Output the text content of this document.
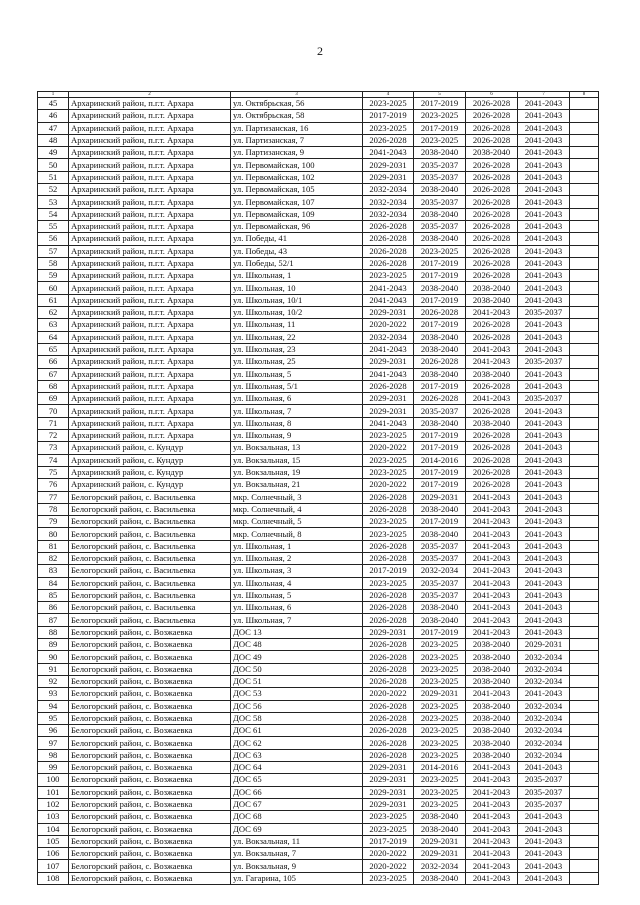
2
1	2	3	4	5	6	7	8
45	Архаринский район, п.г.т. Архара	ул. Октябрьская, 56	2023-2025	2017-2019	2026-2028	2041-2043	
46	Архаринский район, п.г.т. Архара	ул. Октябрьская, 58	2017-2019	2023-2025	2026-2028	2041-2043	
47	Архаринский район, п.г.т. Архара	ул. Партизанская, 16	2023-2025	2017-2019	2026-2028	2041-2043	
48	Архаринский район, п.г.т. Архара	ул. Партизанская, 7	2026-2028	2023-2025	2026-2028	2041-2043	
49	Архаринский район, п.г.т. Архара	ул. Партизанская, 9	2041-2043	2038-2040	2038-2040	2041-2043	
50	Архаринский район, п.г.т. Архара	ул. Первомайская, 100	2029-2031	2035-2037	2026-2028	2041-2043	
51	Архаринский район, п.г.т. Архара	ул. Первомайская, 102	2029-2031	2035-2037	2026-2028	2041-2043	
52	Архаринский район, п.г.т. Архара	ул. Первомайская, 105	2032-2034	2038-2040	2026-2028	2041-2043	
53	Архаринский район, п.г.т. Архара	ул. Первомайская, 107	2032-2034	2035-2037	2026-2028	2041-2043	
54	Архаринский район, п.г.т. Архара	ул. Первомайская, 109	2032-2034	2038-2040	2026-2028	2041-2043	
55	Архаринский район, п.г.т. Архара	ул. Первомайская, 96	2026-2028	2035-2037	2026-2028	2041-2043	
56	Архаринский район, п.г.т. Архара	ул. Победы, 41	2026-2028	2038-2040	2026-2028	2041-2043	
57	Архаринский район, п.г.т. Архара	ул. Победы, 43	2026-2028	2023-2025	2026-2028	2041-2043	
58	Архаринский район, п.г.т. Архара	ул. Победы, 52/1	2026-2028	2017-2019	2026-2028	2041-2043	
59	Архаринский район, п.г.т. Архара	ул. Школьная, 1	2023-2025	2017-2019	2026-2028	2041-2043	
60	Архаринский район, п.г.т. Архара	ул. Школьная, 10	2041-2043	2038-2040	2038-2040	2041-2043	
61	Архаринский район, п.г.т. Архара	ул. Школьная, 10/1	2041-2043	2017-2019	2038-2040	2041-2043	
62	Архаринский район, п.г.т. Архара	ул. Школьная, 10/2	2029-2031	2026-2028	2041-2043	2035-2037	
63	Архаринский район, п.г.т. Архара	ул. Школьная, 11	2020-2022	2017-2019	2026-2028	2041-2043	
64	Архаринский район, п.г.т. Архара	ул. Школьная, 22	2032-2034	2038-2040	2026-2028	2041-2043	
65	Архаринский район, п.г.т. Архара	ул. Школьная, 23	2041-2043	2038-2040	2041-2043	2041-2043	
66	Архаринский район, п.г.т. Архара	ул. Школьная, 25	2029-2031	2026-2028	2041-2043	2035-2037	
67	Архаринский район, п.г.т. Архара	ул. Школьная, 5	2041-2043	2038-2040	2038-2040	2041-2043	
68	Архаринский район, п.г.т. Архара	ул. Школьная, 5/1	2026-2028	2017-2019	2026-2028	2041-2043	
69	Архаринский район, п.г.т. Архара	ул. Школьная, 6	2029-2031	2026-2028	2041-2043	2035-2037	
70	Архаринский район, п.г.т. Архара	ул. Школьная, 7	2029-2031	2035-2037	2026-2028	2041-2043	
71	Архаринский район, п.г.т. Архара	ул. Школьная, 8	2041-2043	2038-2040	2038-2040	2041-2043	
72	Архаринский район, п.г.т. Архара	ул. Школьная, 9	2023-2025	2017-2019	2026-2028	2041-2043	
73	Архаринский район, с. Кундур	ул. Вокзальная, 13	2020-2022	2017-2019	2026-2028	2041-2043	
74	Архаринский район, с. Кундур	ул. Вокзальная, 15	2023-2025	2014-2016	2026-2028	2041-2043	
75	Архаринский район, с. Кундур	ул. Вокзальная, 19	2023-2025	2017-2019	2026-2028	2041-2043	
76	Архаринский район, с. Кундур	ул. Вокзальная, 21	2020-2022	2017-2019	2026-2028	2041-2043	
77	Белогорский район, с. Васильевка	мкр. Солнечный, 3	2026-2028	2029-2031	2041-2043	2041-2043	
78	Белогорский район, с. Васильевка	мкр. Солнечный, 4	2026-2028	2038-2040	2041-2043	2041-2043	
79	Белогорский район, с. Васильевка	мкр. Солнечный, 5	2023-2025	2017-2019	2041-2043	2041-2043	
80	Белогорский район, с. Васильевка	мкр. Солнечный, 8	2023-2025	2038-2040	2041-2043	2041-2043	
81	Белогорский район, с. Васильевка	ул. Школьная, 1	2026-2028	2035-2037	2041-2043	2041-2043	
82	Белогорский район, с. Васильевка	ул. Школьная, 2	2026-2028	2035-2037	2041-2043	2041-2043	
83	Белогорский район, с. Васильевка	ул. Школьная, 3	2017-2019	2032-2034	2041-2043	2041-2043	
84	Белогорский район, с. Васильевка	ул. Школьная, 4	2023-2025	2035-2037	2041-2043	2041-2043	
85	Белогорский район, с. Васильевка	ул. Школьная, 5	2026-2028	2035-2037	2041-2043	2041-2043	
86	Белогорский район, с. Васильевка	ул. Школьная, 6	2026-2028	2038-2040	2041-2043	2041-2043	
87	Белогорский район, с. Васильевка	ул. Школьная, 7	2026-2028	2038-2040	2041-2043	2041-2043	
88	Белогорский район, с. Возжаевка	ДОС 13	2029-2031	2017-2019	2041-2043	2041-2043	
89	Белогорский район, с. Возжаевка	ДОС 48	2026-2028	2023-2025	2038-2040	2029-2031	
90	Белогорский район, с. Возжаевка	ДОС 49	2026-2028	2023-2025	2038-2040	2032-2034	
91	Белогорский район, с. Возжаевка	ДОС 50	2026-2028	2023-2025	2038-2040	2032-2034	
92	Белогорский район, с. Возжаевка	ДОС 51	2026-2028	2023-2025	2038-2040	2032-2034	
93	Белогорский район, с. Возжаевка	ДОС 53	2020-2022	2029-2031	2041-2043	2041-2043	
94	Белогорский район, с. Возжаевка	ДОС 56	2026-2028	2023-2025	2038-2040	2032-2034	
95	Белогорский район, с. Возжаевка	ДОС 58	2026-2028	2023-2025	2038-2040	2032-2034	
96	Белогорский район, с. Возжаевка	ДОС 61	2026-2028	2023-2025	2038-2040	2032-2034	
97	Белогорский район, с. Возжаевка	ДОС 62	2026-2028	2023-2025	2038-2040	2032-2034	
98	Белогорский район, с. Возжаевка	ДОС 63	2026-2028	2023-2025	2038-2040	2032-2034	
99	Белогорский район, с. Возжаевка	ДОС 64	2029-2031	2014-2016	2041-2043	2041-2043	
100	Белогорский район, с. Возжаевка	ДОС 65	2029-2031	2023-2025	2041-2043	2035-2037	
101	Белогорский район, с. Возжаевка	ДОС 66	2029-2031	2023-2025	2041-2043	2035-2037	
102	Белогорский район, с. Возжаевка	ДОС 67	2029-2031	2023-2025	2041-2043	2035-2037	
103	Белогорский район, с. Возжаевка	ДОС 68	2023-2025	2038-2040	2041-2043	2041-2043	
104	Белогорский район, с. Возжаевка	ДОС 69	2023-2025	2038-2040	2041-2043	2041-2043	
105	Белогорский район, с. Возжаевка	ул. Вокзальная, 11	2017-2019	2029-2031	2041-2043	2041-2043	
106	Белогорский район, с. Возжаевка	ул. Вокзальная, 7	2020-2022	2029-2031	2041-2043	2041-2043	
107	Белогорский район, с. Возжаевка	ул. Вокзальная, 9	2020-2022	2032-2034	2041-2043	2041-2043	
108	Белогорский район, с. Возжаевка	ул. Гагарина, 105	2023-2025	2038-2040	2041-2043	2041-2043	
